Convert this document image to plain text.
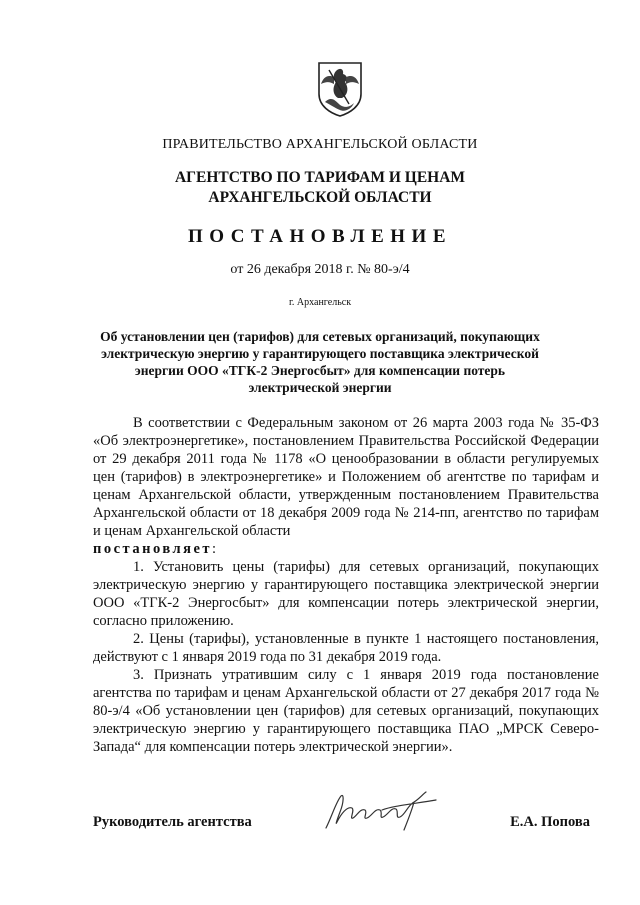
ПРАВИТЕЛЬСТВО АРХАНГЕЛЬСКОЙ ОБЛАСТИ
АГЕНТСТВО ПО ТАРИФАМ И ЦЕНАМ
АРХАНГЕЛЬСКОЙ ОБЛАСТИ
ПОСТАНОВЛЕНИЕ
от 26 декабря 2018 г. № 80-э/4
г. Архангельск
Об установлении цен (тарифов) для сетевых организаций, покупающих
электрическую энергию у гарантирующего поставщика электрической
энергии ООО «ТГК-2 Энергосбыт» для компенсации потерь
электрической энергии

В соответствии с Федеральным законом от 26 марта 2003 года № 35-ФЗ «Об электроэнергетике», постановлением Правительства Российской Федерации от 29 декабря 2011 года № 1178 «О ценообразовании в области регулируемых цен (тарифов) в электроэнергетике» и Положением об агентстве по тарифам и ценам Архангельской области, утвержденным постановлением Правительства Архангельской области от 18 декабря 2009 года № 214-пп, агентство по тарифам и ценам Архангельской области

постановляет:

1. Установить цены (тарифы) для сетевых организаций, покупающих электрическую энергию у гарантирующего поставщика электрической энергии ООО «ТГК-2 Энергосбыт» для компенсации потерь электрической энергии, согласно приложению.

2. Цены (тарифы), установленные в пункте 1 настоящего постановления, действуют с 1 января 2019 года по 31 декабря 2019 года.

3. Признать утратившим силу с 1 января 2019 года постановление агентства по тарифам и ценам Архангельской области от 27 декабря 2017 года № 80-э/4 «Об установлении цен (тарифов) для сетевых организаций, покупающих электрическую энергию у гарантирующего поставщика ПАО „МРСК Северо-Запада“ для компенсации потерь электрической энергии».

Руководитель агентства	Е.А. Попова
